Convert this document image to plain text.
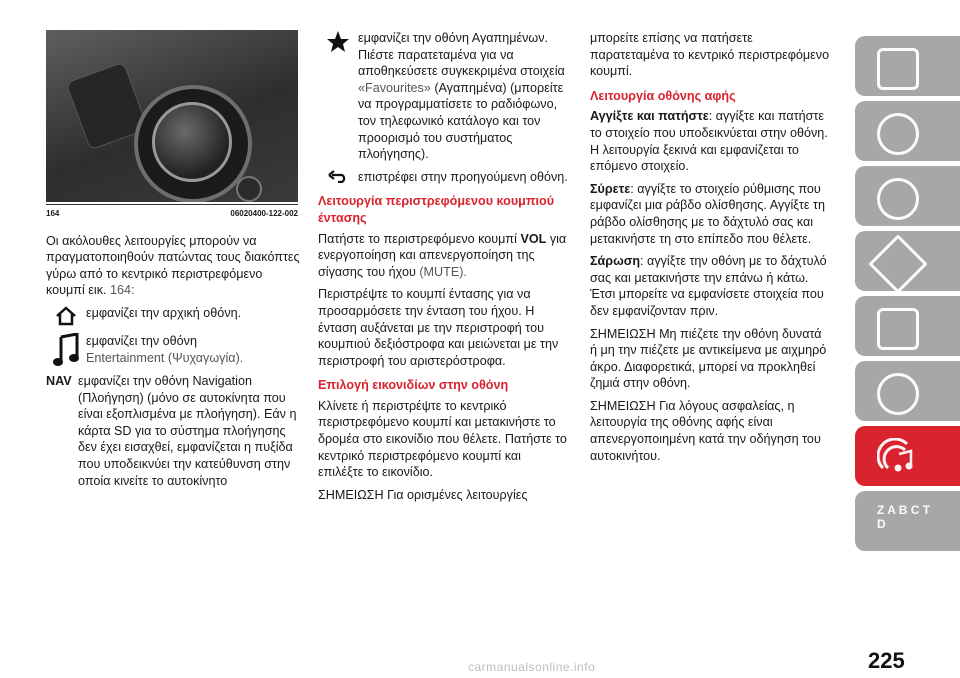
164	06020400-122-002

Οι ακόλουθες λειτουργίες μπορούν να πραγματοποιηθούν πατώντας τους διακόπτες γύρω από το κεντρικό περιστρεφόμενο κουμπί εικ. 164:

εμφανίζει την αρχική οθόνη.
εμφανίζει την οθόνη
Entertainment (Ψυχαγωγία).
NAV εμφανίζει την οθόνη Navigation
(Πλοήγηση) (μόνο σε αυτοκίνητα που είναι εξοπλισμένα με πλοήγηση). Εάν η κάρτα SD για το σύστημα πλοήγησης δεν έχει εισαχθεί, εμφανίζεται η πυξίδα που υποδεικνύει την κατεύθυνση στην οποία κινείτε το αυτοκίνητο
εμφανίζει την οθόνη Αγαπημένων. Πιέστε παρατεταμένα για να αποθηκεύσετε συγκεκριμένα στοιχεία «Favourites» (Αγαπημένα) (μπορείτε να προγραμματίσετε το ραδιόφωνο, τον τηλεφωνικό κατάλογο και τον προορισμό του συστήματος πλοήγησης).
επιστρέφει στην προηγούμενη οθόνη.
Λειτουργία περιστρεφόμενου κουμπιού έντασης

Πατήστε το περιστρεφόμενο κουμπί VOL για ενεργοποίηση και απενεργοποίηση της σίγασης του ήχου (MUTE).

Περιστρέψτε το κουμπί έντασης για να προσαρμόσετε την ένταση του ήχου. Η ένταση αυξάνεται με την περιστροφή του κουμπιού δεξιόστροφα και μειώνεται με την περιστροφή του αριστερόστροφα.

Επιλογή εικονιδίων στην οθόνη

Κλίνετε ή περιστρέψτε το κεντρικό περιστρεφόμενο κουμπί και μετακινήστε το δρομέα στο εικονίδιο που θέλετε. Πατήστε το κεντρικό περιστρεφόμενο κουμπί και επιλέξτε το εικονίδιο.

ΣΗΜΕΙΩΣΗ Για ορισμένες λειτουργίες

μπορείτε επίσης να πατήσετε παρατεταμένα το κεντρικό περιστρεφόμενο κουμπί.

Λειτουργία οθόνης αφής

Αγγίξτε και πατήστε: αγγίξτε και πατήστε το στοιχείο που υποδεικνύεται στην οθόνη. Η λειτουργία ξεκινά και εμφανίζεται το επόμενο στοιχείο.

Σύρετε: αγγίξτε το στοιχείο ρύθμισης που εμφανίζει μια ράβδο ολίσθησης. Αγγίξτε τη ράβδο ολίσθησης με το δάχτυλό σας και μετακινήστε τη στο επίπεδο που θέλετε.

Σάρωση: αγγίξτε την οθόνη με το δάχτυλό σας και μετακινήστε την επάνω ή κάτω. Έτσι μπορείτε να εμφανίσετε στοιχεία που δεν εμφανίζονταν πριν.

ΣΗΜΕΙΩΣΗ Μη πιέζετε την οθόνη δυνατά ή μη την πιέζετε με αντικείμενα με αιχμηρό άκρο. Διαφορετικά, μπορεί να προκληθεί ζημιά στην οθόνη.

ΣΗΜΕΙΩΣΗ Για λόγους ασφαλείας, η λειτουργία της οθόνης αφής είναι απενεργοποιημένη κατά την οδήγηση του αυτοκινήτου.

Z A B C T D
225
carmanualsonline.info
